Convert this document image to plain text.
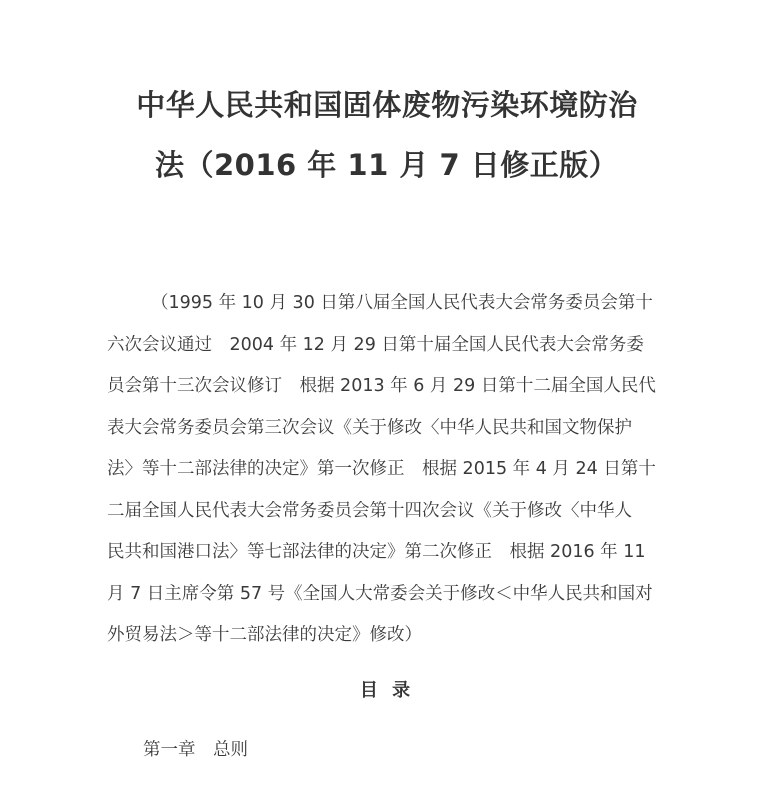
中华人民共和国固体废物污染环境防治
法（2016 年 11 月 7 日修正版）
（1995 年 10 月 30 日第八届全国人民代表大会常务委员会第十
六次会议通过　2004 年 12 月 29 日第十届全国人民代表大会常务委
员会第十三次会议修订　根据 2013 年 6 月 29 日第十二届全国人民代
表大会常务委员会第三次会议《关于修改〈中华人民共和国文物保护
法〉等十二部法律的决定》第一次修正　根据 2015 年 4 月 24 日第十
二届全国人民代表大会常务委员会第十四次会议《关于修改〈中华人
民共和国港口法〉等七部法律的决定》第二次修正　根据 2016 年 11
月 7 日主席令第 57 号《全国人大常委会关于修改＜中华人民共和国对
外贸易法＞等十二部法律的决定》修改）
目 录
第一章　总则
